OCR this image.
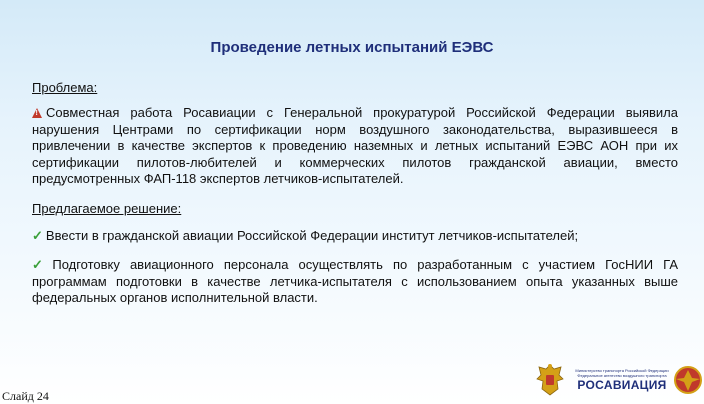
Проведение летных испытаний ЕЭВС
Проблема:
!Совместная работа Росавиации с Генеральной прокуратурой Российской Федерации выявила нарушения Центрами по сертификации норм воздушного законодательства, выразившееся в привлечении в качестве экспертов к проведению наземных и летных испытаний ЕЭВС АОН при их сертификации пилотов-любителей и коммерческих пилотов гражданской авиации, вместо предусмотренных ФАП-118 экспертов летчиков-испытателей.
Предлагаемое решение:
✓ Ввести в гражданской авиации Российской Федерации институт летчиков-испытателей;
✓ Подготовку авиационного персонала осуществлять по разработанным с участием ГосНИИ ГА программам подготовки в качестве летчика-испытателя с использованием опыта указанных выше федеральных органов исполнительной власти.
Слайд 24
Министерство транспорта Российской Федерации
Федеральное агентство воздушного транспорта
РОСАВИАЦИЯ
